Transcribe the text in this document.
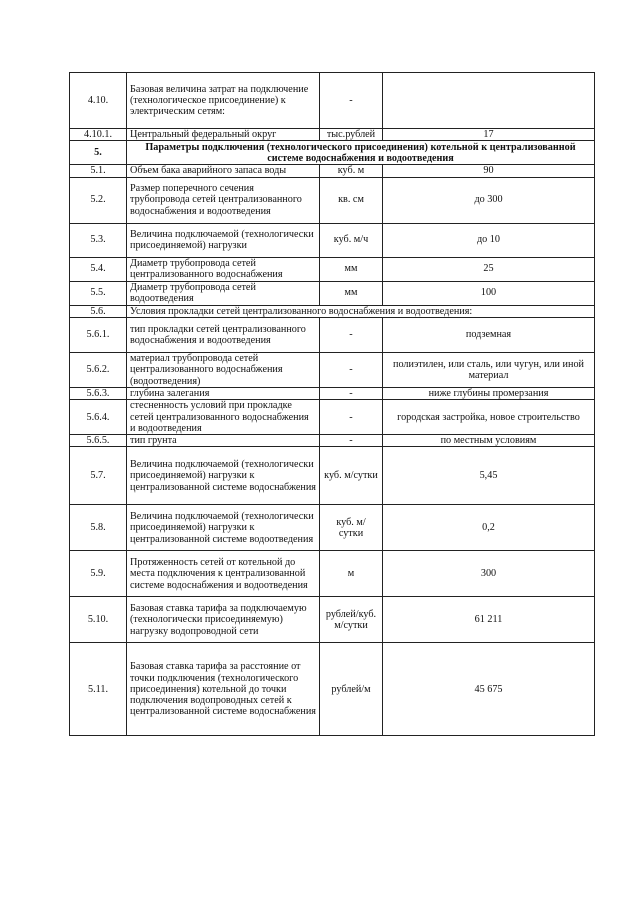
4.10.	Базовая величина затрат на подключение (технологическое присоединение) к электрическим сетям:	-	
4.10.1.	Центральный федеральный округ	тыс.рублей	17
5.	Параметры подключения (технологического присоединения) котельной к централизованной системе водоснабжения и водоотведения		
5.1.	Объем бака аварийного запаса воды	куб. м	90
5.2.	Размер поперечного сечения трубопровода сетей централизованного водоснабжения и водоотведения	кв. см	до 300
5.3.	Величина подключаемой (технологически присоединяемой) нагрузки	куб. м/ч	до 10
5.4.	Диаметр трубопровода сетей централизованного водоснабжения	мм	25
5.5.	Диаметр трубопровода сетей водоотведения	мм	100
5.6.	Условия прокладки сетей централизованного водоснабжения и водоотведения:		
5.6.1.	тип прокладки сетей централизованного водоснабжения и водоотведения	-	подземная
5.6.2.	материал трубопровода сетей централизованного водоснабжения (водоотведения)	-	полиэтилен, или сталь, или чугун, или иной материал
5.6.3.	глубина залегания	-	ниже глубины промерзания
5.6.4.	стесненность условий при прокладке сетей централизованного водоснабжения и водоотведения	-	городская застройка, новое строительство
5.6.5.	тип грунта	-	по местным условиям
5.7.	Величина подключаемой (технологически присоединяемой) нагрузки к централизованной системе водоснабжения	куб. м/сутки	5,45
5.8.	Величина подключаемой (технологически присоединяемой) нагрузки к централизованной системе водоотведения	куб. м/ сутки	0,2
5.9.	Протяженность сетей от котельной до места подключения к централизованной системе водоснабжения и водоотведения	м	300
5.10.	Базовая ставка тарифа за подключаемую (технологически присоединяемую) нагрузку водопроводной сети	рублей/куб. м/сутки	61 211
5.11.	Базовая ставка тарифа за расстояние от точки подключения (технологического присоединения) котельной до точки подключения водопроводных сетей к централизованной системе водоснабжения	рублей/м	45 675
